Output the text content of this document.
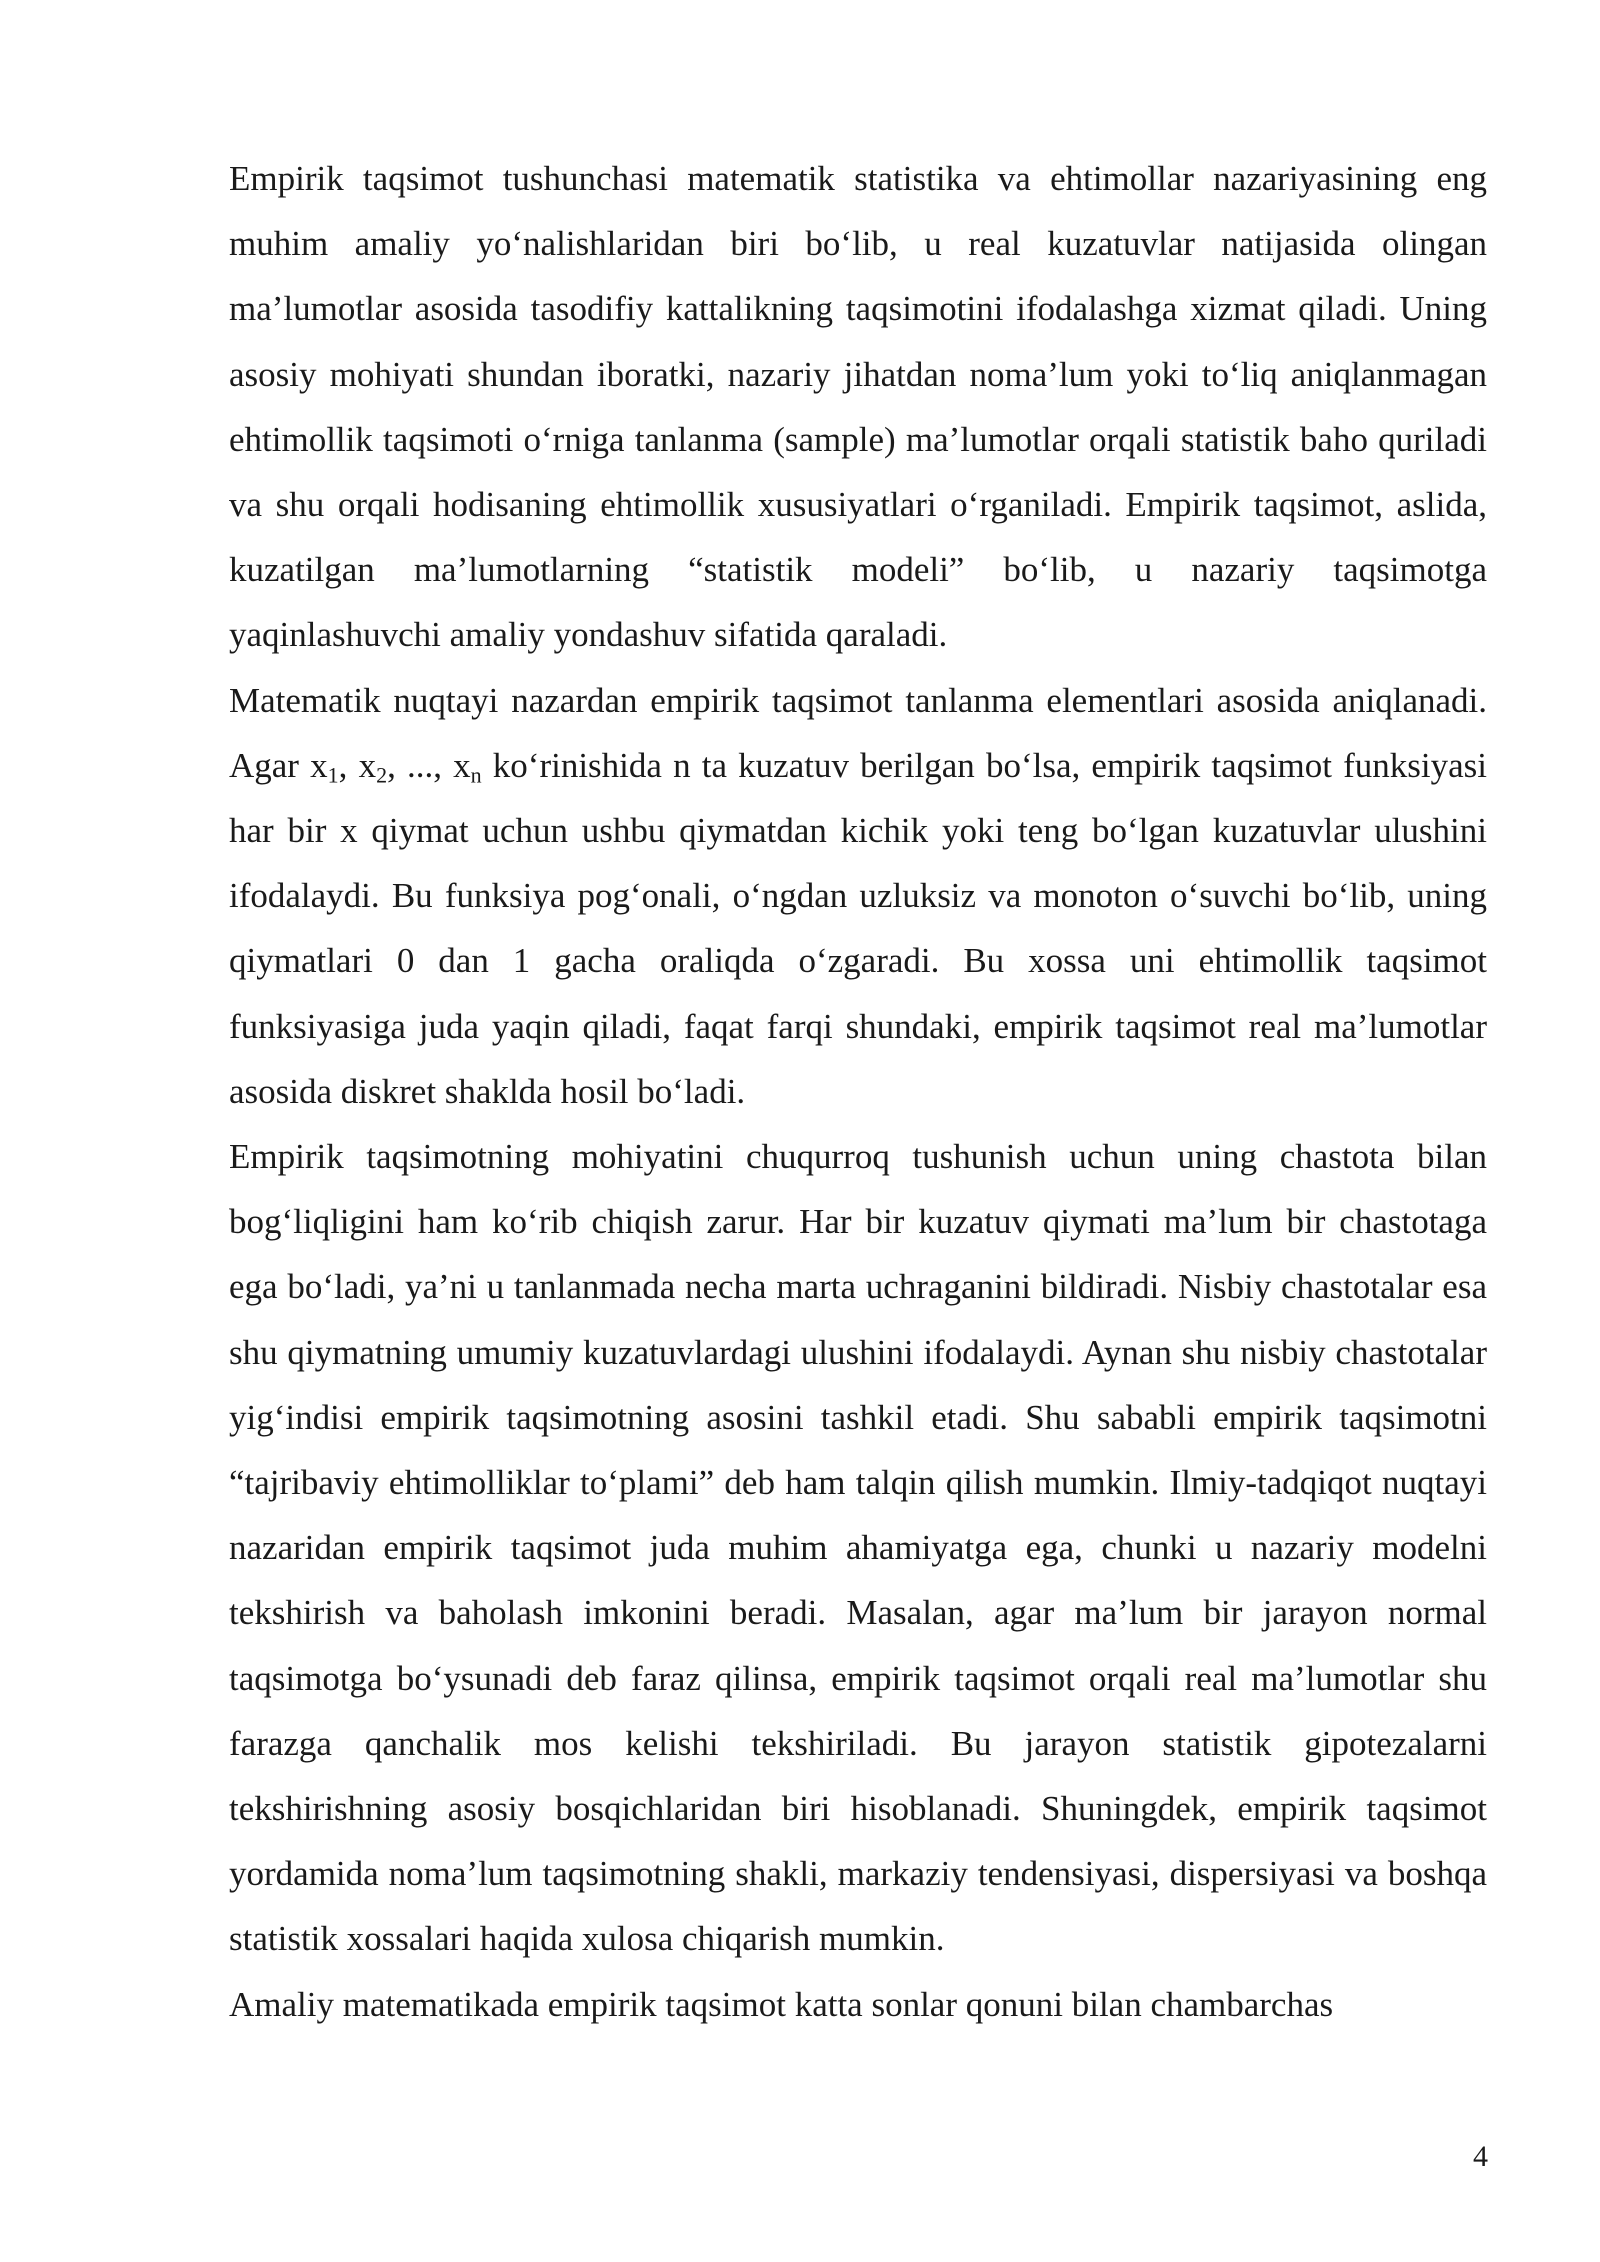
Empirik taqsimot tushunchasi matematik statistika va ehtimollar nazariyasining eng muhim amaliy yo‘nalishlaridan biri bo‘lib, u real kuzatuvlar natijasida olingan ma’lumotlar asosida tasodifiy kattalikning taqsimotini ifodalashga xizmat qiladi. Uning asosiy mohiyati shundan iboratki, nazariy jihatdan noma’lum yoki to‘liq aniqlanmagan ehtimollik taqsimoti o‘rniga tanlanma (sample) ma’lumotlar orqali statistik baho quriladi va shu orqali hodisaning ehtimollik xususiyatlari o‘rganiladi. Empirik taqsimot, aslida, kuzatilgan ma’lumotlarning “statistik modeli” bo‘lib, u nazariy taqsimotga yaqinlashuvchi amaliy yondashuv sifatida qaraladi.

Matematik nuqtayi nazardan empirik taqsimot tanlanma elementlari asosida aniqlanadi. Agar $x_1$, $x_2$, ..., $x_n$ ko‘rinishida n ta kuzatuv berilgan bo‘lsa, empirik taqsimot funksiyasi har bir x qiymat uchun ushbu qiymatdan kichik yoki teng bo‘lgan kuzatuvlar ulushini ifodalaydi. Bu funksiya pog‘onali, o‘ngdan uzluksiz va monoton o‘suvchi bo‘lib, uning qiymatlari 0 dan 1 gacha oraliqda o‘zgaradi. Bu xossa uni ehtimollik taqsimot funksiyasiga juda yaqin qiladi, faqat farqi shundaki, empirik taqsimot real ma’lumotlar asosida diskret shaklda hosil bo‘ladi.

Empirik taqsimotning mohiyatini chuqurroq tushunish uchun uning chastota bilan bog‘liqligini ham ko‘rib chiqish zarur. Har bir kuzatuv qiymati ma’lum bir chastotaga ega bo‘ladi, ya’ni u tanlanmada necha marta uchraganini bildiradi. Nisbiy chastotalar esa shu qiymatning umumiy kuzatuvlardagi ulushini ifodalaydi. Aynan shu nisbiy chastotalar yig‘indisi empirik taqsimotning asosini tashkil etadi. Shu sababli empirik taqsimotni “tajribaviy ehtimolliklar to‘plami” deb ham talqin qilish mumkin. Ilmiy-tadqiqot nuqtayi nazaridan empirik taqsimot juda muhim ahamiyatga ega, chunki u nazariy modelni tekshirish va baholash imkonini beradi. Masalan, agar ma’lum bir jarayon normal taqsimotga bo‘ysunadi deb faraz qilinsa, empirik taqsimot orqali real ma’lumotlar shu farazga qanchalik mos kelishi tekshiriladi. Bu jarayon statistik gipotezalarni tekshirishning asosiy bosqichlaridan biri hisoblanadi. Shuningdek, empirik taqsimot yordamida noma’lum taqsimotning shakli, markaziy tendensiyasi, dispersiyasi va boshqa statistik xossalari haqida xulosa chiqarish mumkin.

Amaliy matematikada empirik taqsimot katta sonlar qonuni bilan chambarchas

4
